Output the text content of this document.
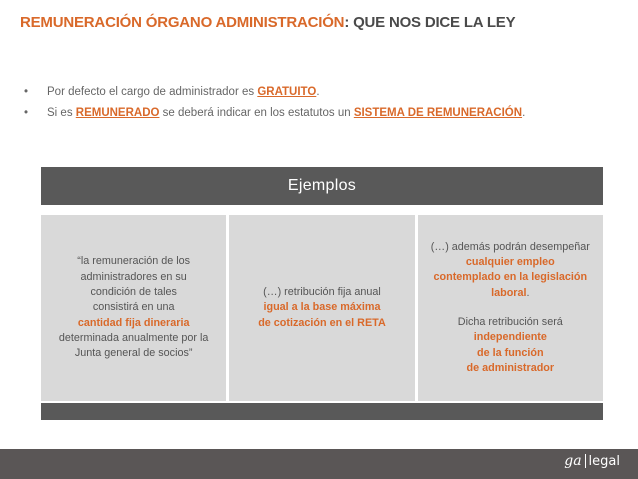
REMUNERACIÓN ÓRGANO ADMINISTRACIÓN: QUE NOS DICE LA LEY
• Por defecto el cargo de administrador es GRATUITO.
• Si es REMUNERADO se deberá indicar en los estatutos un SISTEMA DE REMUNERACIÓN.
Ejemplos
“la remuneración de los
administradores en su
condición de tales
consistirá en una
cantidad fija dineraria
determinada anualmente por la
Junta general de socios”
(…) retribución fija anual
igual a la base máxima
de cotización en el RETA
(…) además podrán desempeñar
cualquier empleo
contemplado en la legislación
laboral.
Dicha retribución será
independiente
de la función
de administrador
ga legal
